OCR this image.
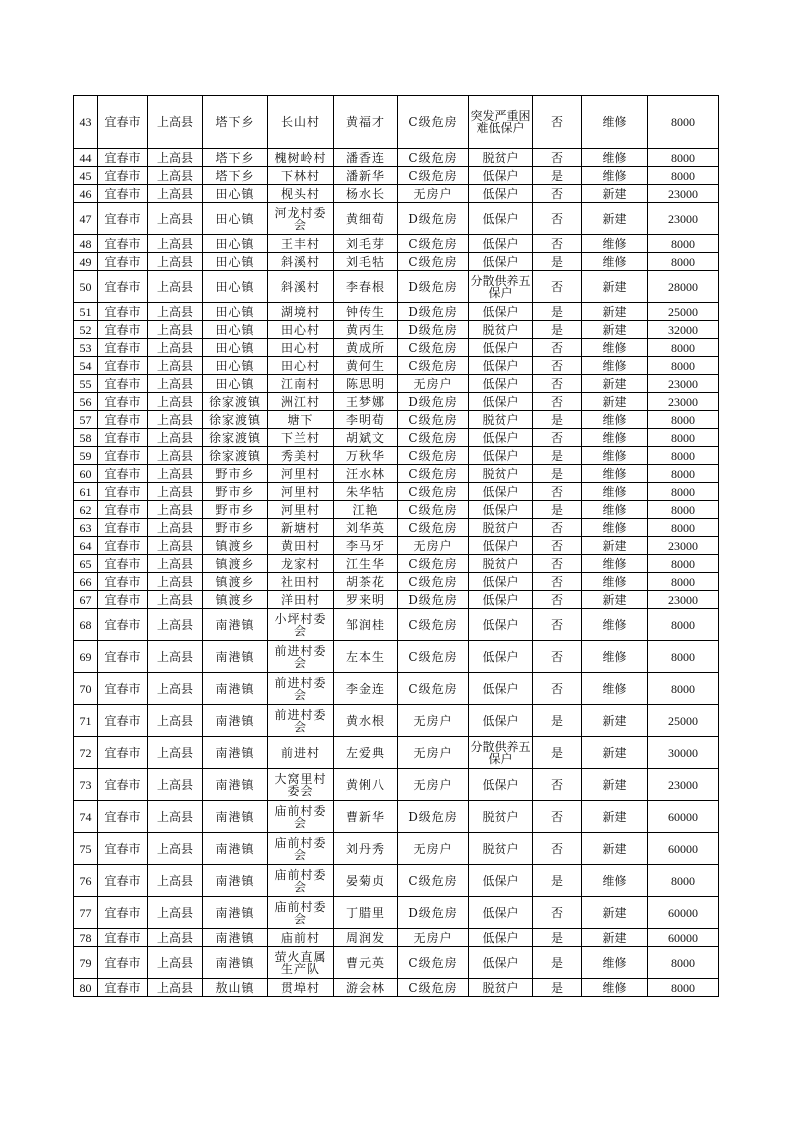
43	宜春市	上高县	塔下乡	长山村	黄福才	C级危房	突发严重困难低保户	否	维修	8000
44	宜春市	上高县	塔下乡	槐树岭村	潘香连	C级危房	脱贫户	否	维修	8000
45	宜春市	上高县	塔下乡	下林村	潘新华	C级危房	低保户	是	维修	8000
46	宜春市	上高县	田心镇	枧头村	杨水长	无房户	低保户	否	新建	23000
47	宜春市	上高县	田心镇	河龙村委会	黄细荀	D级危房	低保户	否	新建	23000
48	宜春市	上高县	田心镇	王丰村	刘毛芽	C级危房	低保户	否	维修	8000
49	宜春市	上高县	田心镇	斜溪村	刘毛牯	C级危房	低保户	是	维修	8000
50	宜春市	上高县	田心镇	斜溪村	李春根	D级危房	分散供养五保户	否	新建	28000
51	宜春市	上高县	田心镇	湖境村	钟传生	D级危房	低保户	是	新建	25000
52	宜春市	上高县	田心镇	田心村	黄丙生	D级危房	脱贫户	是	新建	32000
53	宜春市	上高县	田心镇	田心村	黄成所	C级危房	低保户	否	维修	8000
54	宜春市	上高县	田心镇	田心村	黄何生	C级危房	低保户	否	维修	8000
55	宜春市	上高县	田心镇	江南村	陈思明	无房户	低保户	否	新建	23000
56	宜春市	上高县	徐家渡镇	洲江村	王梦娜	D级危房	低保户	否	新建	23000
57	宜春市	上高县	徐家渡镇	塘下	李明荀	C级危房	脱贫户	是	维修	8000
58	宜春市	上高县	徐家渡镇	下兰村	胡斌文	C级危房	低保户	否	维修	8000
59	宜春市	上高县	徐家渡镇	秀美村	万秋华	C级危房	低保户	是	维修	8000
60	宜春市	上高县	野市乡	河里村	汪水林	C级危房	脱贫户	是	维修	8000
61	宜春市	上高县	野市乡	河里村	朱华牯	C级危房	低保户	否	维修	8000
62	宜春市	上高县	野市乡	河里村	江艳	C级危房	低保户	是	维修	8000
63	宜春市	上高县	野市乡	新塘村	刘华英	C级危房	脱贫户	否	维修	8000
64	宜春市	上高县	镇渡乡	黄田村	李马牙	无房户	低保户	否	新建	23000
65	宜春市	上高县	镇渡乡	龙家村	江生华	C级危房	脱贫户	否	维修	8000
66	宜春市	上高县	镇渡乡	社田村	胡茶花	C级危房	低保户	否	维修	8000
67	宜春市	上高县	镇渡乡	洋田村	罗来明	D级危房	低保户	否	新建	23000
68	宜春市	上高县	南港镇	小坪村委会	邹润桂	C级危房	低保户	否	维修	8000
69	宜春市	上高县	南港镇	前进村委会	左本生	C级危房	低保户	否	维修	8000
70	宜春市	上高县	南港镇	前进村委会	李金连	C级危房	低保户	否	维修	8000
71	宜春市	上高县	南港镇	前进村委会	黄水根	无房户	低保户	是	新建	25000
72	宜春市	上高县	南港镇	前进村	左爱典	无房户	分散供养五保户	是	新建	30000
73	宜春市	上高县	南港镇	大窝里村委会	黄俐八	无房户	低保户	否	新建	23000
74	宜春市	上高县	南港镇	庙前村委会	曹新华	D级危房	脱贫户	否	新建	60000
75	宜春市	上高县	南港镇	庙前村委会	刘丹秀	无房户	脱贫户	否	新建	60000
76	宜春市	上高县	南港镇	庙前村委会	晏菊贞	C级危房	低保户	是	维修	8000
77	宜春市	上高县	南港镇	庙前村委会	丁腊里	D级危房	低保户	否	新建	60000
78	宜春市	上高县	南港镇	庙前村	周润发	无房户	低保户	是	新建	60000
79	宜春市	上高县	南港镇	萤火直属生产队	曹元英	C级危房	低保户	是	维修	8000
80	宜春市	上高县	敖山镇	贯埠村	游会林	C级危房	脱贫户	是	维修	8000
